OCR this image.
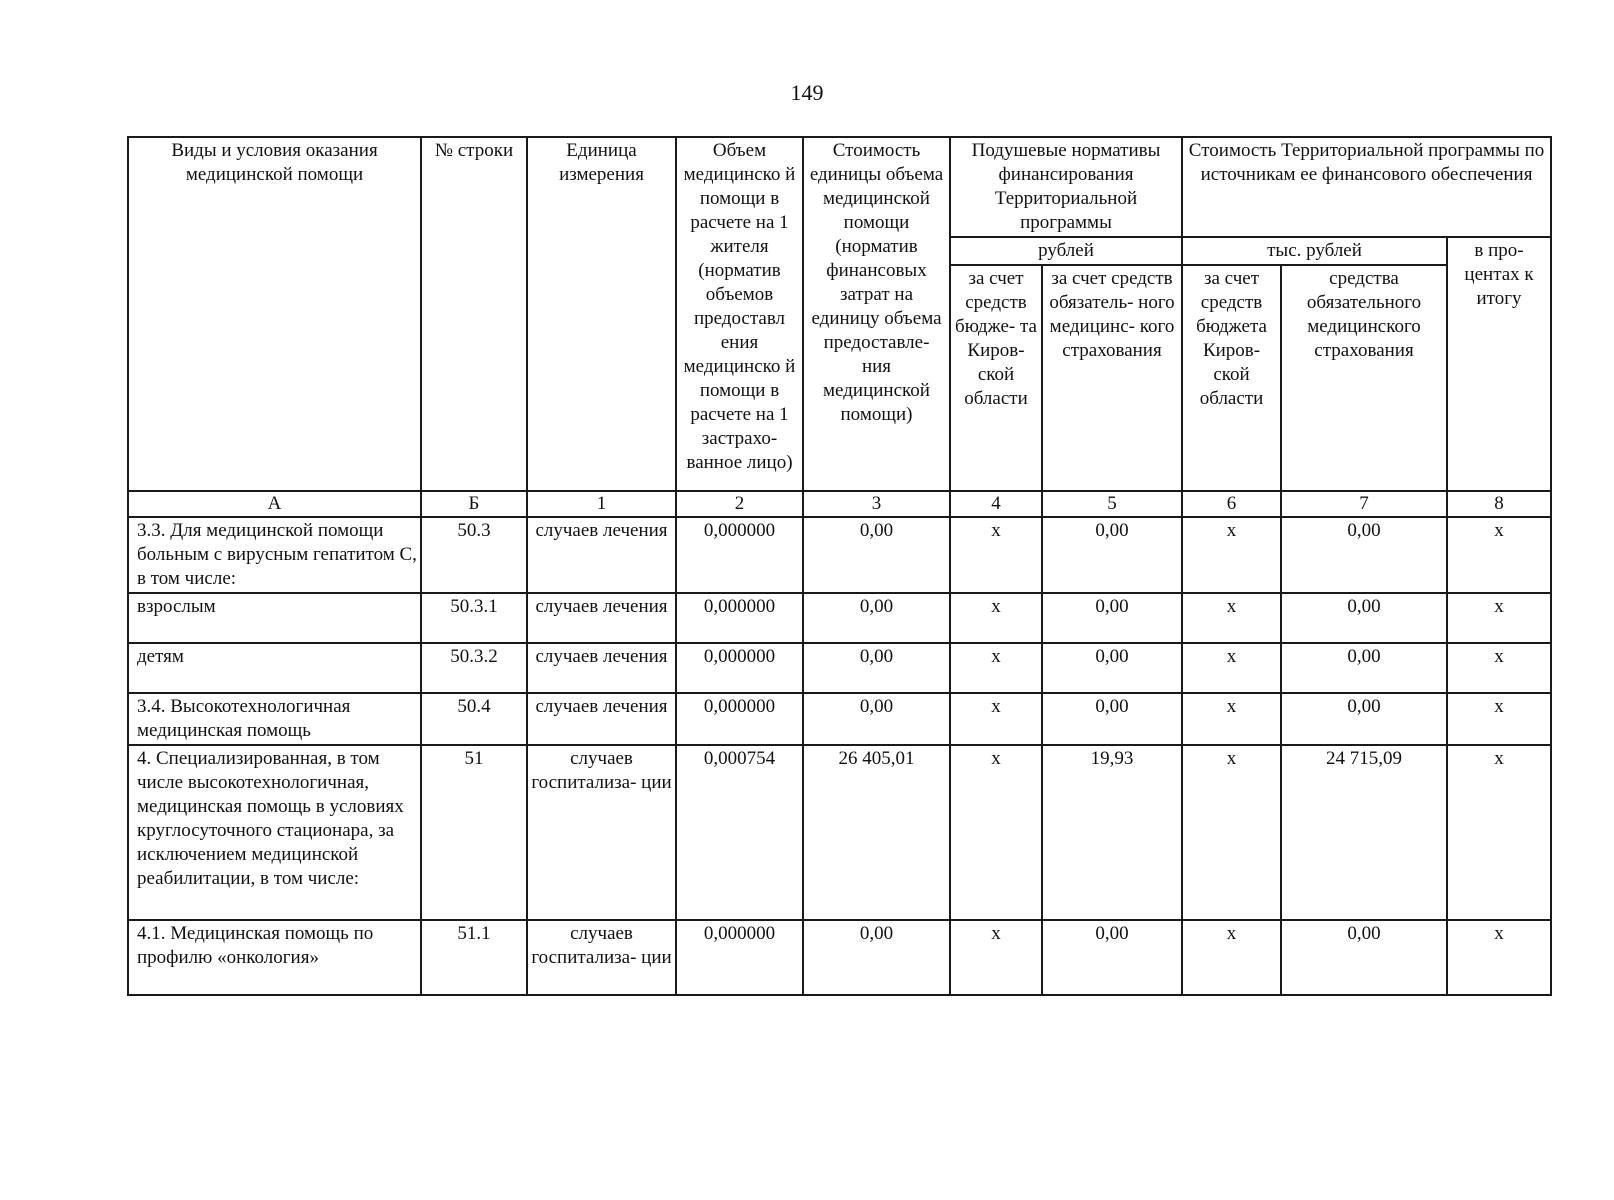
149
Виды и условия оказания медицинской помощи	№ строки	Единица измерения	Объем медицинско й помощи в расчете на 1 жителя (норматив объемов предоставл ения медицинско й помощи в расчете на 1 застрахо- ванное лицо)	Стоимость единицы объема медицинской помощи (норматив финансовых затрат на единицу объема предоставле- ния медицинской помощи)	Подушевые нормативы финансирования Территориальной программы		Стоимость Территориальной программы по источникам ее финансового обеспечения		
					рублей		тыс. рублей		в про- центах к итогу
					за счет средств бюдже- та Киров- ской области	за счет средств обязатель- ного медицинс- кого страхования	за счет средств бюджета Киров- ской области	средства обязательного медицинского страхования	
А	Б	1	2	3	4	5	6	7	8
3.3. Для медицинской помощи больным с вирусным гепатитом С, в том числе:	50.3	случаев лечения	0,000000	0,00	х	0,00	х	0,00	х
взрослым	50.3.1	случаев лечения	0,000000	0,00	х	0,00	х	0,00	х
детям	50.3.2	случаев лечения	0,000000	0,00	х	0,00	х	0,00	х
3.4. Высокотехнологичная медицинская помощь	50.4	случаев лечения	0,000000	0,00	х	0,00	х	0,00	х
4. Специализированная, в том числе высокотехнологичная, медицинская помощь в условиях круглосуточного стационара, за исключением медицинской реабилитации, в том числе:	51	случаев госпитализа- ции	0,000754	26 405,01	х	19,93	х	24 715,09	х
4.1. Медицинская помощь по профилю «онкология»	51.1	случаев госпитализа- ции	0,000000	0,00	х	0,00	х	0,00	х
